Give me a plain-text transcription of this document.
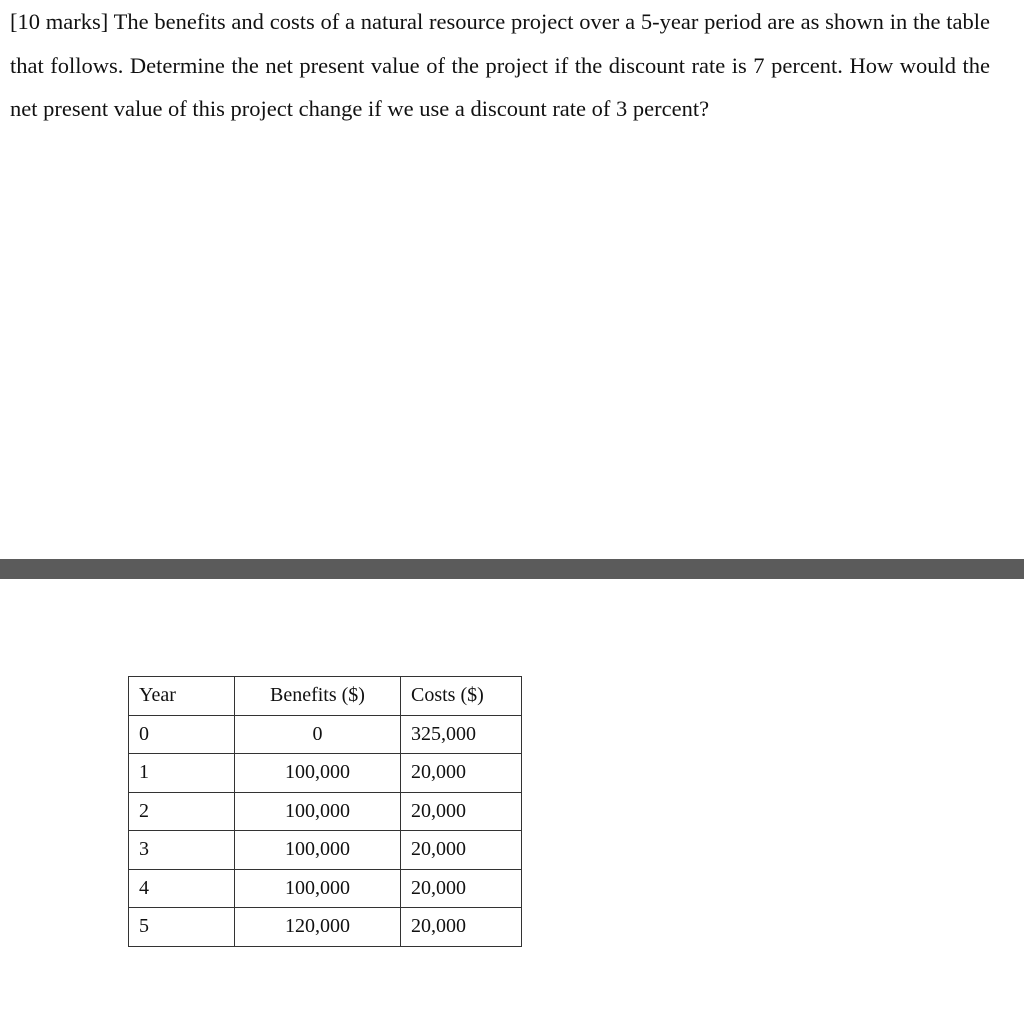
[10 marks] The benefits and costs of a natural resource project over a 5-year period are as shown in the table that follows. Determine the net present value of the project if the discount rate is 7 percent. How would the net present value of this project change if we use a discount rate of 3 percent?

Year	Benefits ($)	Costs ($)
0	0	325,000
1	100,000	20,000
2	100,000	20,000
3	100,000	20,000
4	100,000	20,000
5	120,000	20,000
